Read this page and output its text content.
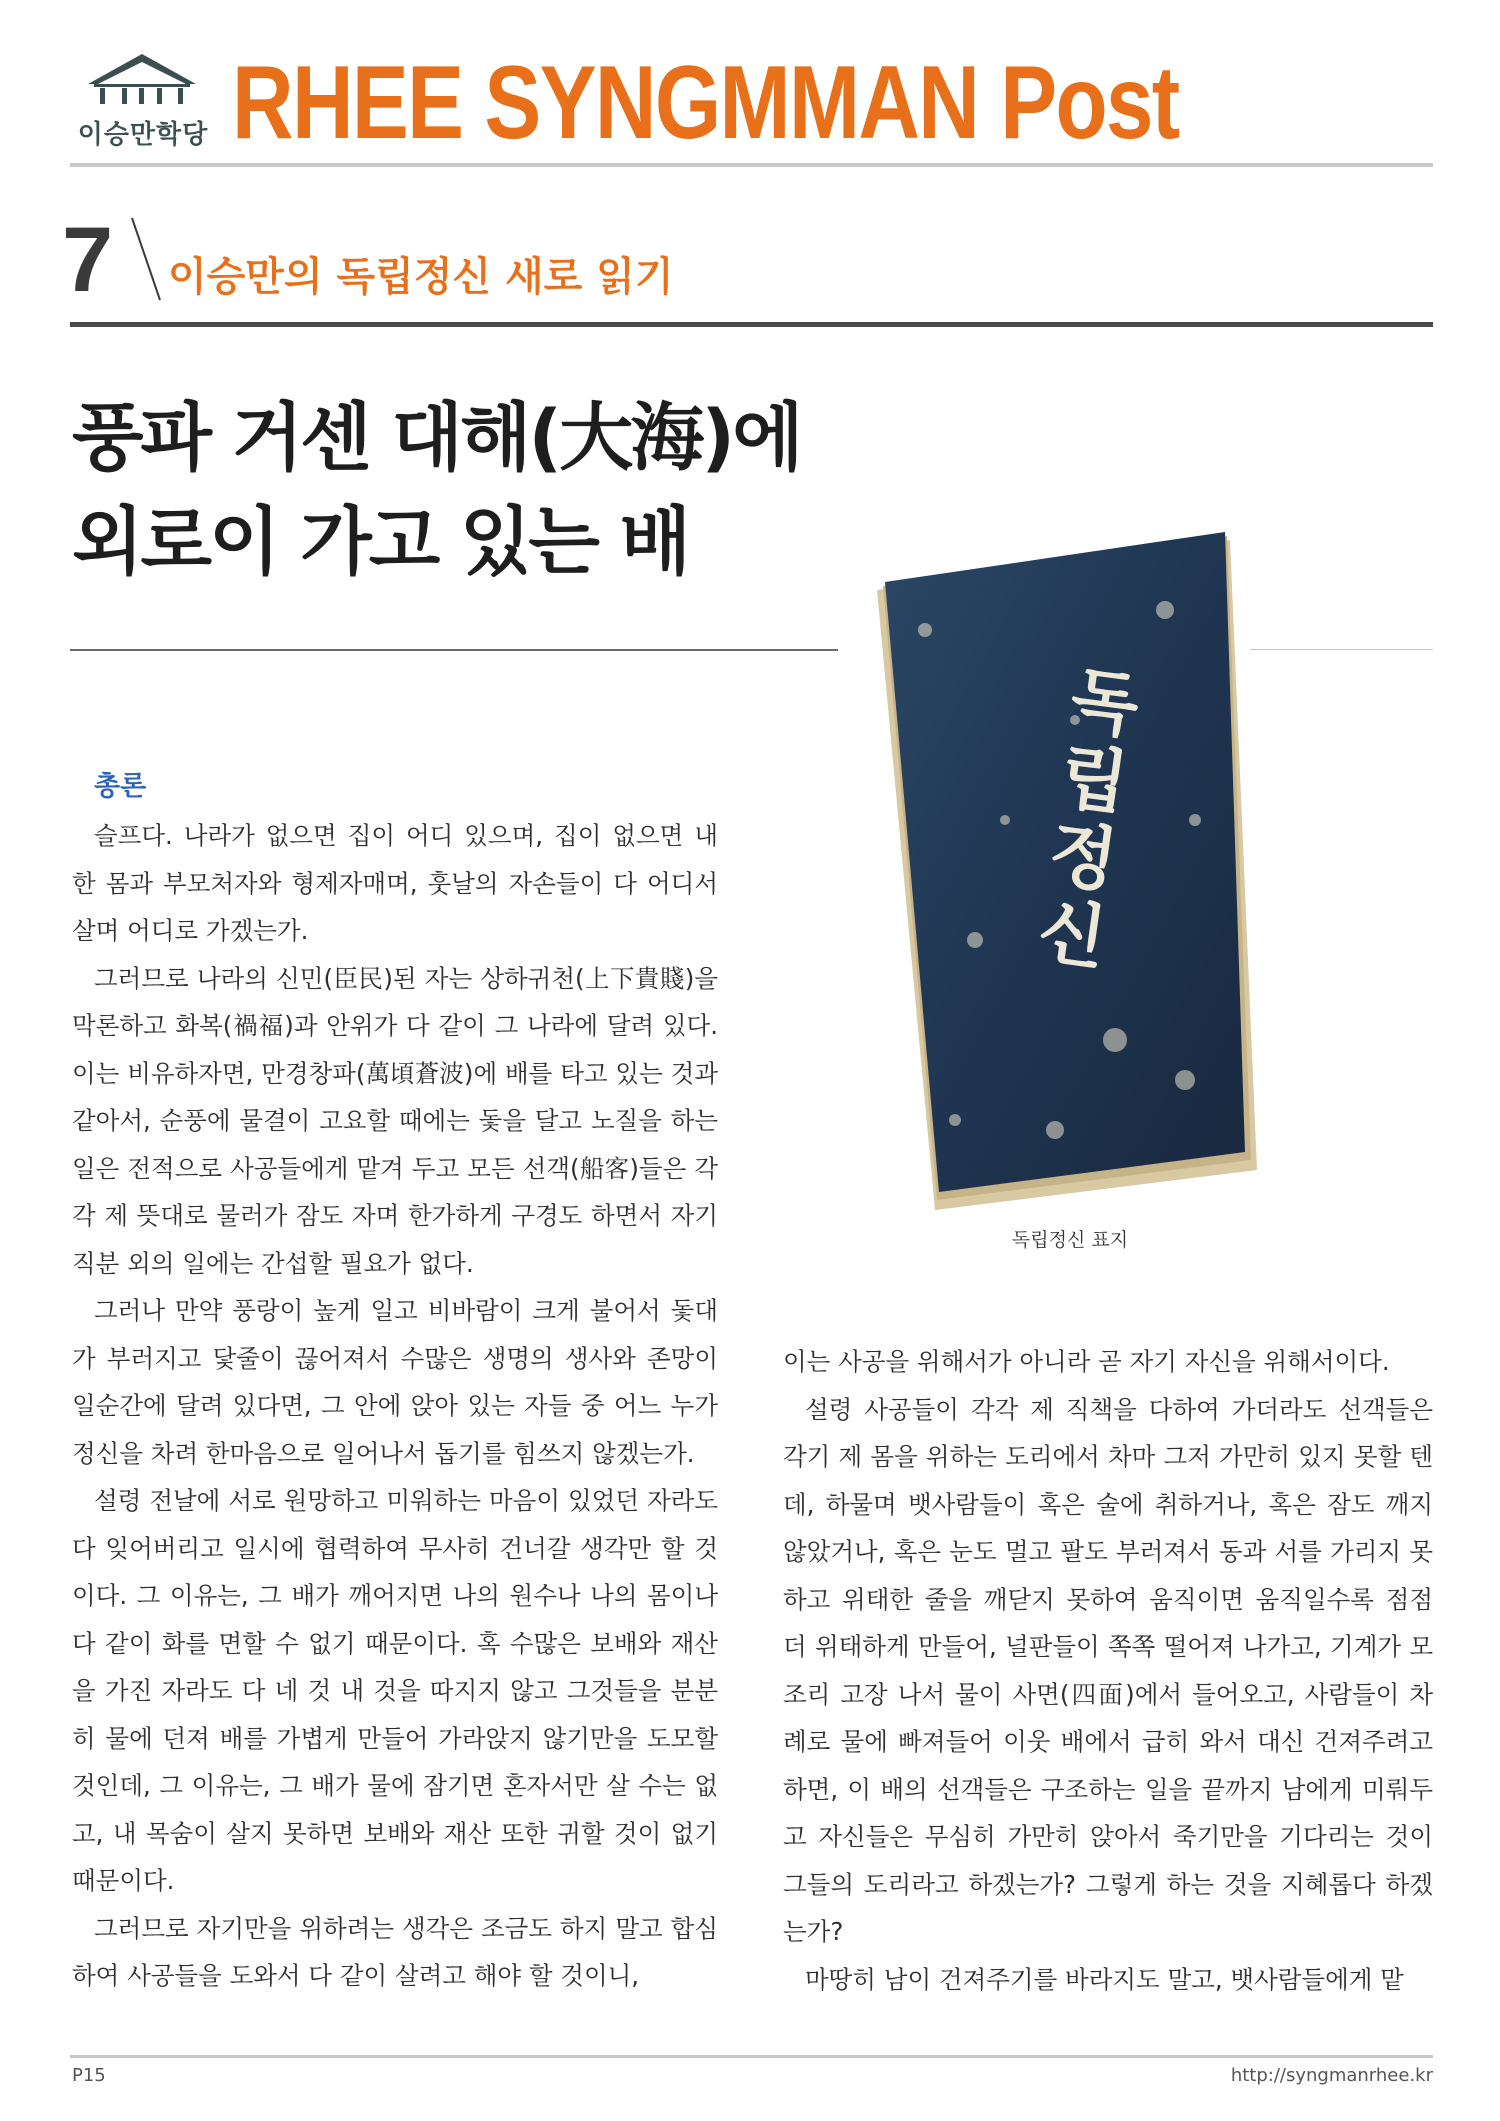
이승만학당 RHEE SYNGMMAN Post
7 이승만의 독립정신 새로 읽기
풍파 거센 대해(大海)에
외로이 가고 있는 배
독립정신
독립정신 표지
총론

슬프다. 나라가 없으면 집이 어디 있으며, 집이 없으면 내 한 몸과 부모처자와 형제자매며, 훗날의 자손들이 다 어디서 살며 어디로 가겠는가.

그러므로 나라의 신민(臣民)된 자는 상하귀천(上下貴賤)을 막론하고 화복(禍福)과 안위가 다 같이 그 나라에 달려 있다. 이는 비유하자면, 만경창파(萬頃蒼波)에 배를 타고 있는 것과 같아서, 순풍에 물결이 고요할 때에는 돛을 달고 노질을 하는 일은 전적으로 사공들에게 맡겨 두고 모든 선객(船客)들은 각각 제 뜻대로 물러가 잠도 자며 한가하게 구경도 하면서 자기 직분 외의 일에는 간섭할 필요가 없다.

그러나 만약 풍랑이 높게 일고 비바람이 크게 불어서 돛대가 부러지고 닻줄이 끊어져서 수많은 생명의 생사와 존망이 일순간에 달려 있다면, 그 안에 앉아 있는 자들 중 어느 누가 정신을 차려 한마음으로 일어나서 돕기를 힘쓰지 않겠는가.

설령 전날에 서로 원망하고 미워하는 마음이 있었던 자라도 다 잊어버리고 일시에 협력하여 무사히 건너갈 생각만 할 것이다. 그 이유는, 그 배가 깨어지면 나의 원수나 나의 몸이나 다 같이 화를 면할 수 없기 때문이다. 혹 수많은 보배와 재산을 가진 자라도 다 네 것 내 것을 따지지 않고 그것들을 분분히 물에 던져 배를 가볍게 만들어 가라앉지 않기만을 도모할 것인데, 그 이유는, 그 배가 물에 잠기면 혼자서만 살 수는 없고, 내 목숨이 살지 못하면 보배와 재산 또한 귀할 것이 없기 때문이다.

그러므로 자기만을 위하려는 생각은 조금도 하지 말고 합심하여 사공들을 도와서 다 같이 살려고 해야 할 것이니,

이는 사공을 위해서가 아니라 곧 자기 자신을 위해서이다.

설령 사공들이 각각 제 직책을 다하여 가더라도 선객들은 각기 제 몸을 위하는 도리에서 차마 그저 가만히 있지 못할 텐데, 하물며 뱃사람들이 혹은 술에 취하거나, 혹은 잠도 깨지 않았거나, 혹은 눈도 멀고 팔도 부러져서 동과 서를 가리지 못하고 위태한 줄을 깨닫지 못하여 움직이면 움직일수록 점점 더 위태하게 만들어, 널판들이 쪽쪽 떨어져 나가고, 기계가 모조리 고장 나서 물이 사면(四面)에서 들어오고, 사람들이 차례로 물에 빠져들어 이웃 배에서 급히 와서 대신 건져주려고 하면, 이 배의 선객들은 구조하는 일을 끝까지 남에게 미뤄두고 자신들은 무심히 가만히 앉아서 죽기만을 기다리는 것이 그들의 도리라고 하겠는가? 그렇게 하는 것을 지혜롭다 하겠는가?

마땅히 남이 건져주기를 바라지도 말고, 뱃사람들에게 맡

P15	http://syngmanrhee.kr
